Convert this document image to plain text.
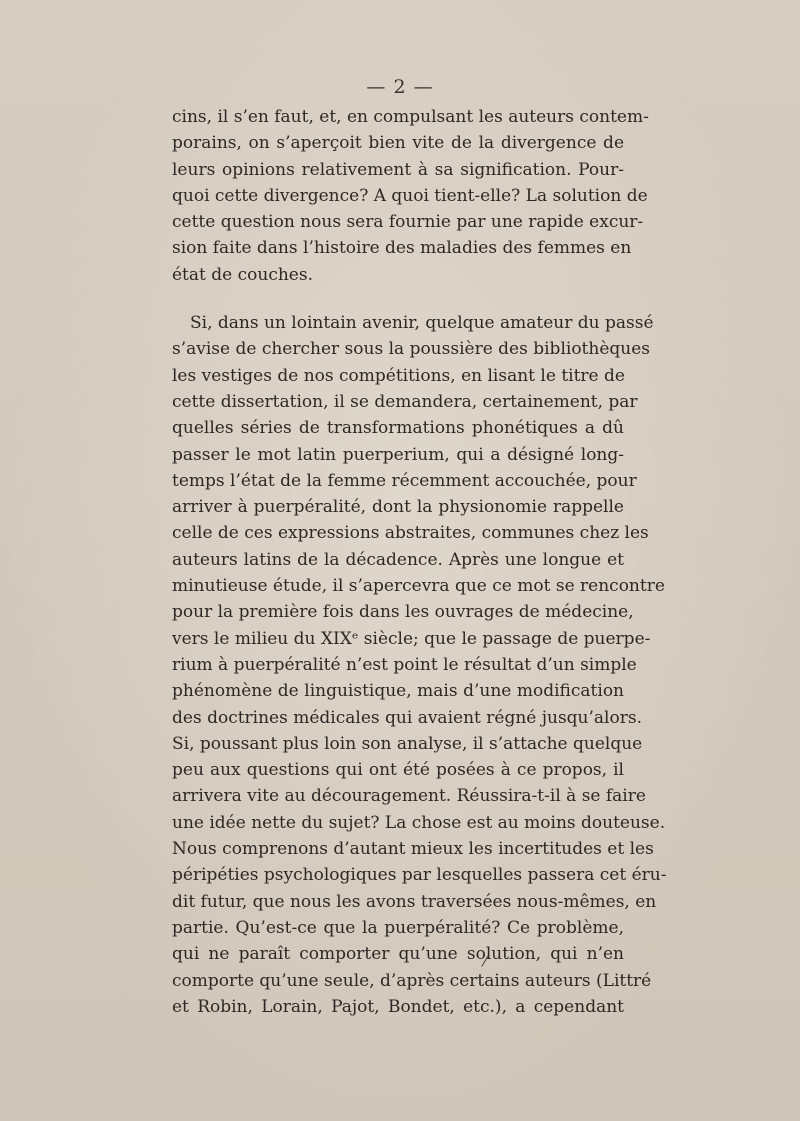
— 2 —
cins, il s’en faut, et, en compulsant les auteurs contem-
porains, on s’aperçoit bien vite de la divergence de
leurs opinions relativement à sa signification. Pour-
quoi cette divergence? A quoi tient-elle? La solution de
cette question nous sera fournie par une rapide excur-
sion faite dans l’histoire des maladies des femmes en
état de couches.
Si, dans un lointain avenir, quelque amateur du passé
s’avise de chercher sous la poussière des bibliothèques
les vestiges de nos compétitions, en lisant le titre de
cette dissertation, il se demandera, certainement, par
quelles séries de transformations phonétiques a dû
passer le mot latin puerperium, qui a désigné long-
temps l’état de la femme récemment accouchée, pour
arriver à puerpéralité, dont la physionomie rappelle
celle de ces expressions abstraites, communes chez les
auteurs latins de la décadence. Après une longue et
minutieuse étude, il s’apercevra que ce mot se rencontre
pour la première fois dans les ouvrages de médecine,
vers le milieu du XIXᵉ siècle; que le passage de puerpe-
rium à puerpéralité n’est point le résultat d’un simple
phénomène de linguistique, mais d’une modification
des doctrines médicales qui avaient régné jusqu’alors.
Si, poussant plus loin son analyse, il s’attache quelque
peu aux questions qui ont été posées à ce propos, il
arrivera vite au découragement. Réussira-t-il à se faire
une idée nette du sujet? La chose est au moins douteuse.
Nous comprenons d’autant mieux les incertitudes et les
péripéties psychologiques par lesquelles passera cet éru-
dit futur, que nous les avons traversées nous-mêmes, en
partie. Qu’est-ce que la puerpéralité? Ce problème,
qui ne paraît comporter qu’une solution, qui n’en
comporte qu’une seule, d’après certains auteurs (Littré
et Robin, Lorain, Pajot, Bondet, etc.), a cependant
